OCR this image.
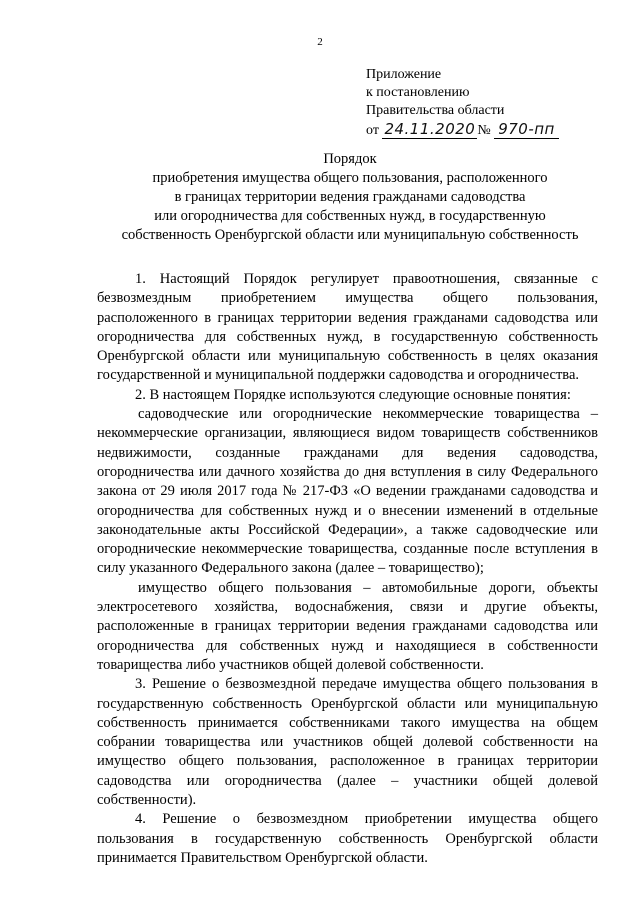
2
Приложение
к постановлению
Правительства области
от 24.11.2020 № 970-пп
Порядок
приобретения имущества общего пользования, расположенного
в границах территории ведения гражданами садоводства
или огородничества для собственных нужд, в государственную
собственность Оренбургской области или муниципальную собственность

1. Настоящий Порядок регулирует правоотношения, связанные с безвозмездным приобретением имущества общего пользования, расположенного в границах территории ведения гражданами садоводства или огородничества для собственных нужд, в государственную собственность Оренбургской области или муниципальную собственность в целях оказания государственной и муниципальной поддержки садоводства и огородничества.

2. В настоящем Порядке используются следующие основные понятия:

садоводческие или огороднические некоммерческие товарищества – некоммерческие организации, являющиеся видом товариществ собственников недвижимости, созданные гражданами для ведения садоводства, огородничества или дачного хозяйства до дня вступления в силу Федерального закона от 29 июля 2017 года № 217-ФЗ «О ведении гражданами садоводства и огородничества для собственных нужд и о внесении изменений в отдельные законодательные акты Российской Федерации», а также садоводческие или огороднические некоммерческие товарищества, созданные после вступления в силу указанного Федерального закона (далее – товарищество);

имущество общего пользования – автомобильные дороги, объекты электросетевого хозяйства, водоснабжения, связи и другие объекты, расположенные в границах территории ведения гражданами садоводства или огородничества для собственных нужд и находящиеся в собственности товарищества либо участников общей долевой собственности.

3. Решение о безвозмездной передаче имущества общего пользования в государственную собственность Оренбургской области или муниципальную собственность принимается собственниками такого имущества на общем собрании товарищества или участников общей долевой собственности на имущество общего пользования, расположенное в границах территории садоводства или огородничества (далее – участники общей долевой собственности).

4. Решение о безвозмездном приобретении имущества общего пользования в государственную собственность Оренбургской области принимается Правительством Оренбургской области.
